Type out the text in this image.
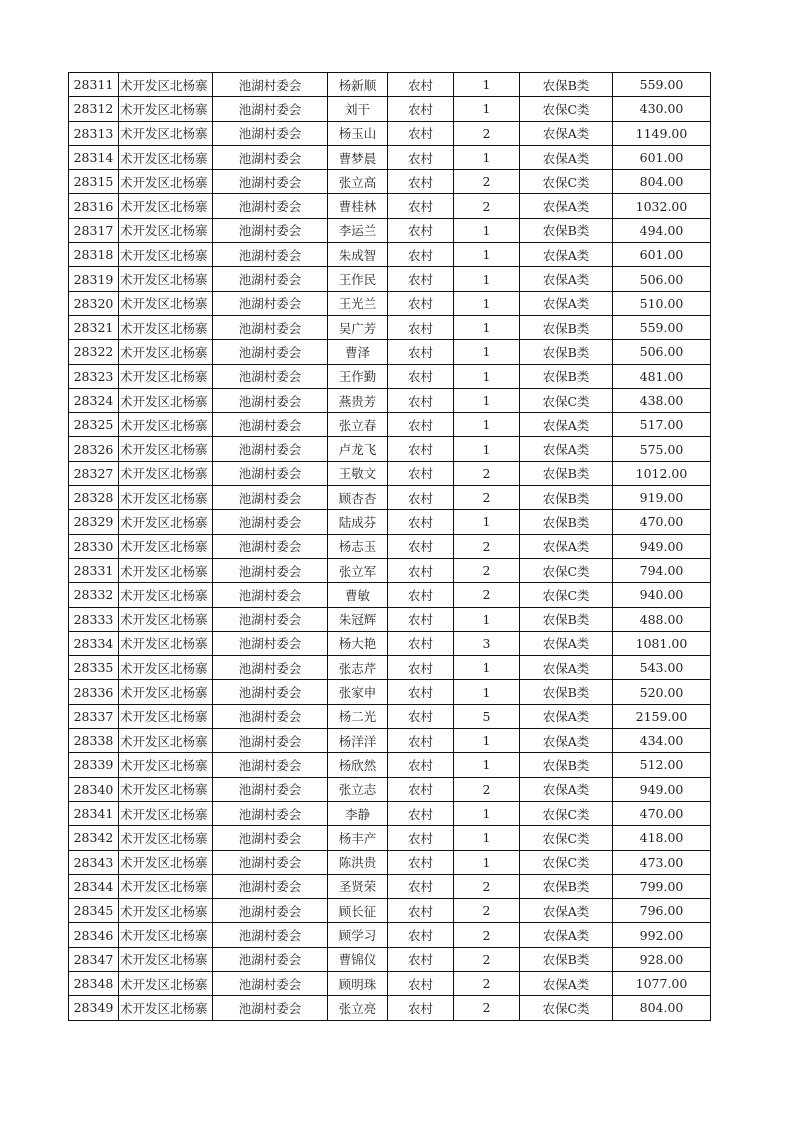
28311	术开发区北杨寨	池湖村委会	杨新顺	农村	1	农保B类	559.00
28312	术开发区北杨寨	池湖村委会	刘干	农村	1	农保C类	430.00
28313	术开发区北杨寨	池湖村委会	杨玉山	农村	2	农保A类	1149.00
28314	术开发区北杨寨	池湖村委会	曹梦晨	农村	1	农保A类	601.00
28315	术开发区北杨寨	池湖村委会	张立高	农村	2	农保C类	804.00
28316	术开发区北杨寨	池湖村委会	曹桂林	农村	2	农保A类	1032.00
28317	术开发区北杨寨	池湖村委会	李运兰	农村	1	农保B类	494.00
28318	术开发区北杨寨	池湖村委会	朱成智	农村	1	农保A类	601.00
28319	术开发区北杨寨	池湖村委会	王作民	农村	1	农保A类	506.00
28320	术开发区北杨寨	池湖村委会	王光兰	农村	1	农保A类	510.00
28321	术开发区北杨寨	池湖村委会	吴广芳	农村	1	农保B类	559.00
28322	术开发区北杨寨	池湖村委会	曹泽	农村	1	农保B类	506.00
28323	术开发区北杨寨	池湖村委会	王作勤	农村	1	农保B类	481.00
28324	术开发区北杨寨	池湖村委会	燕贵芳	农村	1	农保C类	438.00
28325	术开发区北杨寨	池湖村委会	张立春	农村	1	农保A类	517.00
28326	术开发区北杨寨	池湖村委会	卢龙飞	农村	1	农保A类	575.00
28327	术开发区北杨寨	池湖村委会	王敬文	农村	2	农保B类	1012.00
28328	术开发区北杨寨	池湖村委会	顾杏杏	农村	2	农保B类	919.00
28329	术开发区北杨寨	池湖村委会	陆成芬	农村	1	农保B类	470.00
28330	术开发区北杨寨	池湖村委会	杨志玉	农村	2	农保A类	949.00
28331	术开发区北杨寨	池湖村委会	张立军	农村	2	农保C类	794.00
28332	术开发区北杨寨	池湖村委会	曹敏	农村	2	农保C类	940.00
28333	术开发区北杨寨	池湖村委会	朱冠辉	农村	1	农保B类	488.00
28334	术开发区北杨寨	池湖村委会	杨大艳	农村	3	农保A类	1081.00
28335	术开发区北杨寨	池湖村委会	张志芹	农村	1	农保A类	543.00
28336	术开发区北杨寨	池湖村委会	张家申	农村	1	农保B类	520.00
28337	术开发区北杨寨	池湖村委会	杨二光	农村	5	农保A类	2159.00
28338	术开发区北杨寨	池湖村委会	杨洋洋	农村	1	农保A类	434.00
28339	术开发区北杨寨	池湖村委会	杨欣然	农村	1	农保B类	512.00
28340	术开发区北杨寨	池湖村委会	张立志	农村	2	农保A类	949.00
28341	术开发区北杨寨	池湖村委会	李静	农村	1	农保C类	470.00
28342	术开发区北杨寨	池湖村委会	杨丰产	农村	1	农保C类	418.00
28343	术开发区北杨寨	池湖村委会	陈洪贵	农村	1	农保C类	473.00
28344	术开发区北杨寨	池湖村委会	圣贤荣	农村	2	农保B类	799.00
28345	术开发区北杨寨	池湖村委会	顾长征	农村	2	农保A类	796.00
28346	术开发区北杨寨	池湖村委会	顾学习	农村	2	农保A类	992.00
28347	术开发区北杨寨	池湖村委会	曹锦仪	农村	2	农保B类	928.00
28348	术开发区北杨寨	池湖村委会	顾明珠	农村	2	农保A类	1077.00
28349	术开发区北杨寨	池湖村委会	张立亮	农村	2	农保C类	804.00
